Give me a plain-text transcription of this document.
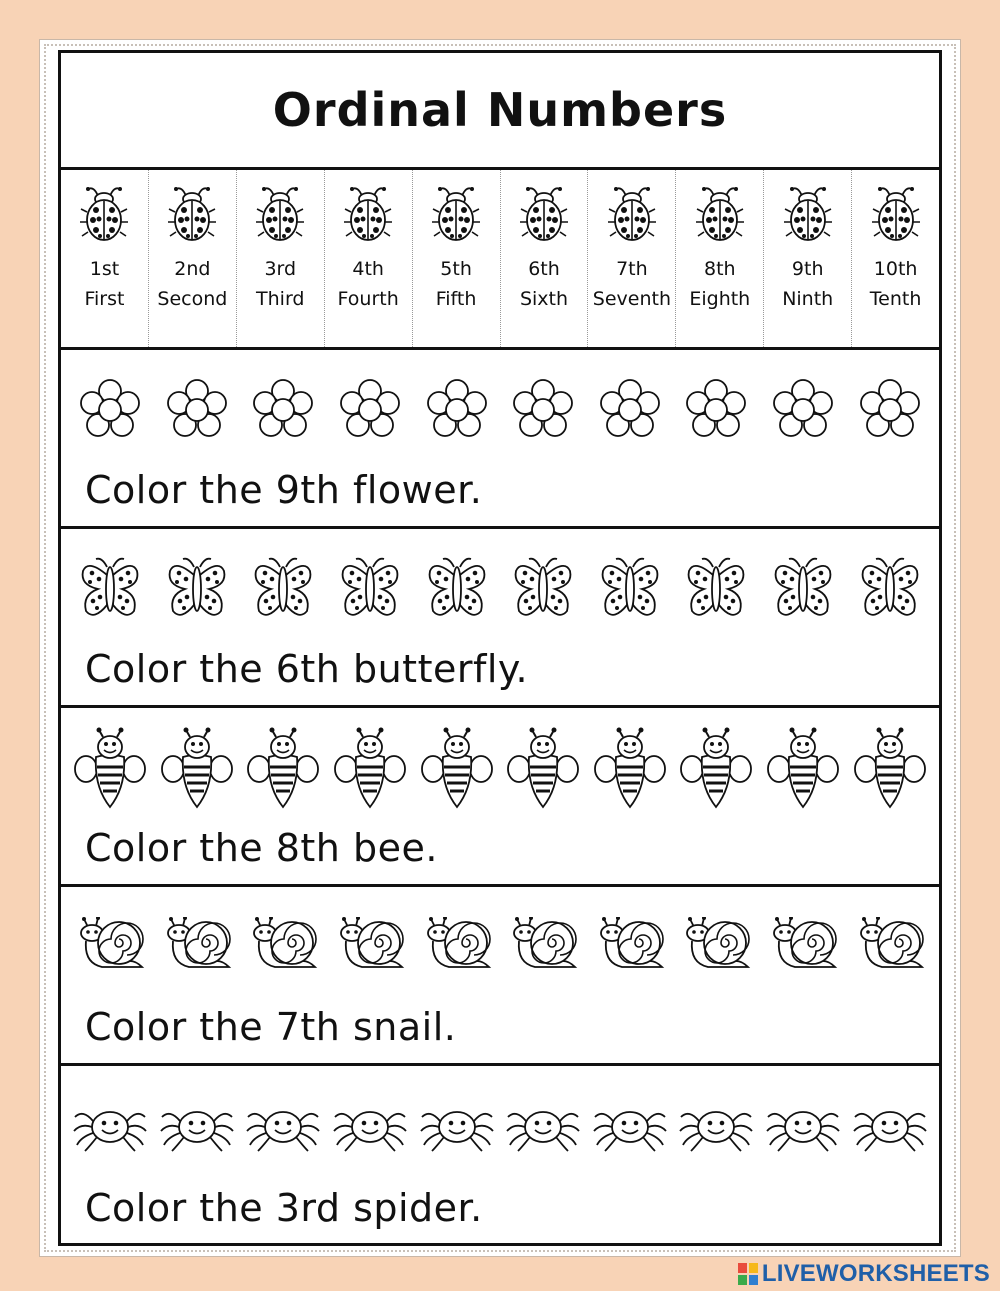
Ordinal Numbers
1st
First
2nd
Second
3rd
Third
4th
Fourth
5th
Fifth
6th
Sixth
7th
Seventh
8th
Eighth
9th
Ninth
10th
Tenth
Color the 9th flower.
Color the 6th butterfly.
Color the 8th bee.
Color the 7th snail.
Color the 3rd spider.
LIVEWORKSHEETS
